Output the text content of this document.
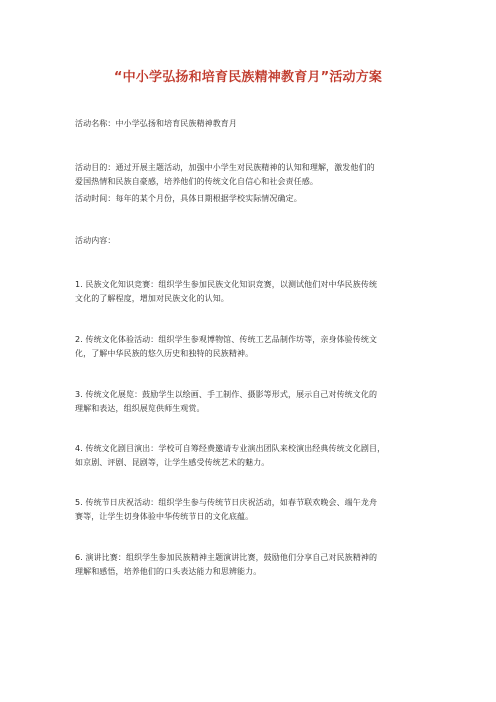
“中小学弘扬和培育民族精神教育月”活动方案
活动名称：中小学弘扬和培育民族精神教育月
活动目的：通过开展主题活动，加强中小学生对民族精神的认知和理解，激发他们的
爱国热情和民族自豪感，培养他们的传统文化自信心和社会责任感。
活动时间：每年的某个月份，具体日期根据学校实际情况确定。
活动内容：
1. 民族文化知识竞赛：组织学生参加民族文化知识竞赛，以测试他们对中华民族传统
文化的了解程度，增加对民族文化的认知。
2. 传统文化体验活动：组织学生参观博物馆、传统工艺品制作坊等，亲身体验传统文
化，了解中华民族的悠久历史和独特的民族精神。
3. 传统文化展览：鼓励学生以绘画、手工制作、摄影等形式，展示自己对传统文化的
理解和表达，组织展览供师生观赏。
4. 传统文化剧目演出：学校可自筹经费邀请专业演出团队来校演出经典传统文化剧目，
如京剧、评剧、昆剧等，让学生感受传统艺术的魅力。
5. 传统节日庆祝活动：组织学生参与传统节日庆祝活动，如春节联欢晚会、端午龙舟
赛等，让学生切身体验中华传统节日的文化底蕴。
6. 演讲比赛：组织学生参加民族精神主题演讲比赛，鼓励他们分享自己对民族精神的
理解和感悟，培养他们的口头表达能力和思辨能力。
